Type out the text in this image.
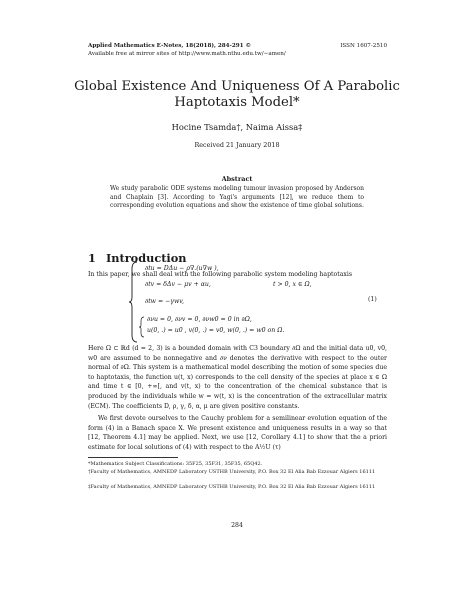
Applied Mathematics E-Notes, 18(2018), 284-291 ©
Available free at mirror sites of http://www.math.nthu.edu.tw/∼amen/
ISSN 1607-2510
Global Existence And Uniqueness Of A Parabolic
Haptotaxis Model*
Hocine Tsamda†, Naima Aissa‡
Received 21 January 2018
Abstract
We study parabolic ODE systems modeling tumour invasion proposed by Anderson and Chaplain [3]. According to Yagi's arguments [12], we reduce them to corresponding evolution equations and show the existence of time global solutions.
1 Introduction
In this paper, we shall deal with the following parabolic system modeling haptotaxis
∂tu = DΔu − ρ∇.(u∇w ),
∂tv = δΔv − μv + αu,	t > 0, x ∈ Ω,
∂tw = −γwv,	(1)
∂νu = 0, ∂νv = 0, ∂νw0 = 0 in ∂Ω,
u(0, .) = u0 , v(0, .) = v0, w(0, .) = w0 on Ω.
Here Ω ⊂ ℝd (d = 2, 3) is a bounded domain with C3 boundary ∂Ω and the initial data u0, v0, w0 are assumed to be nonnegative and ∂ν denotes the derivative with respect to the outer normal of ∂Ω. This system is a mathematical model describing the motion of some species due to haptotaxis, the function u(t, x) corresponds to the cell density of the species at place x ∈ Ω and time t ∈ [0, +∞[, and v(t, x) to the concentration of the chemical substance that is produced by the individuals while w = w(t, x) is the concentration of the extracellular matrix (ECM). The coefficients D, ρ, γ, δ, α, μ are given positive constants.
We first devote ourselves to the Cauchy problem for a semilinear evolution equation of the form (4) in a Banach space X. We present existence and uniqueness results in a way so that [12, Theorem 4.1] may be applied. Next, we use [12, Corollary 4.1] to show that the a priori estimate for local solutions of (4) with respect to the A½U (τ)
*Mathematics Subject Classifications: 35F25, 35F31, 35F35, 65Q42.
†Faculty of Mathematics, AMNEDP Laboratory USTHB University, P.O. Box 32 El Alia Bab Ezzouar Algiers 16111
‡Faculty of Mathematics, AMNEDP Laboratory USTHB University, P.O. Box 32 El Alia Bab Ezzouar Algiers 16111
284
